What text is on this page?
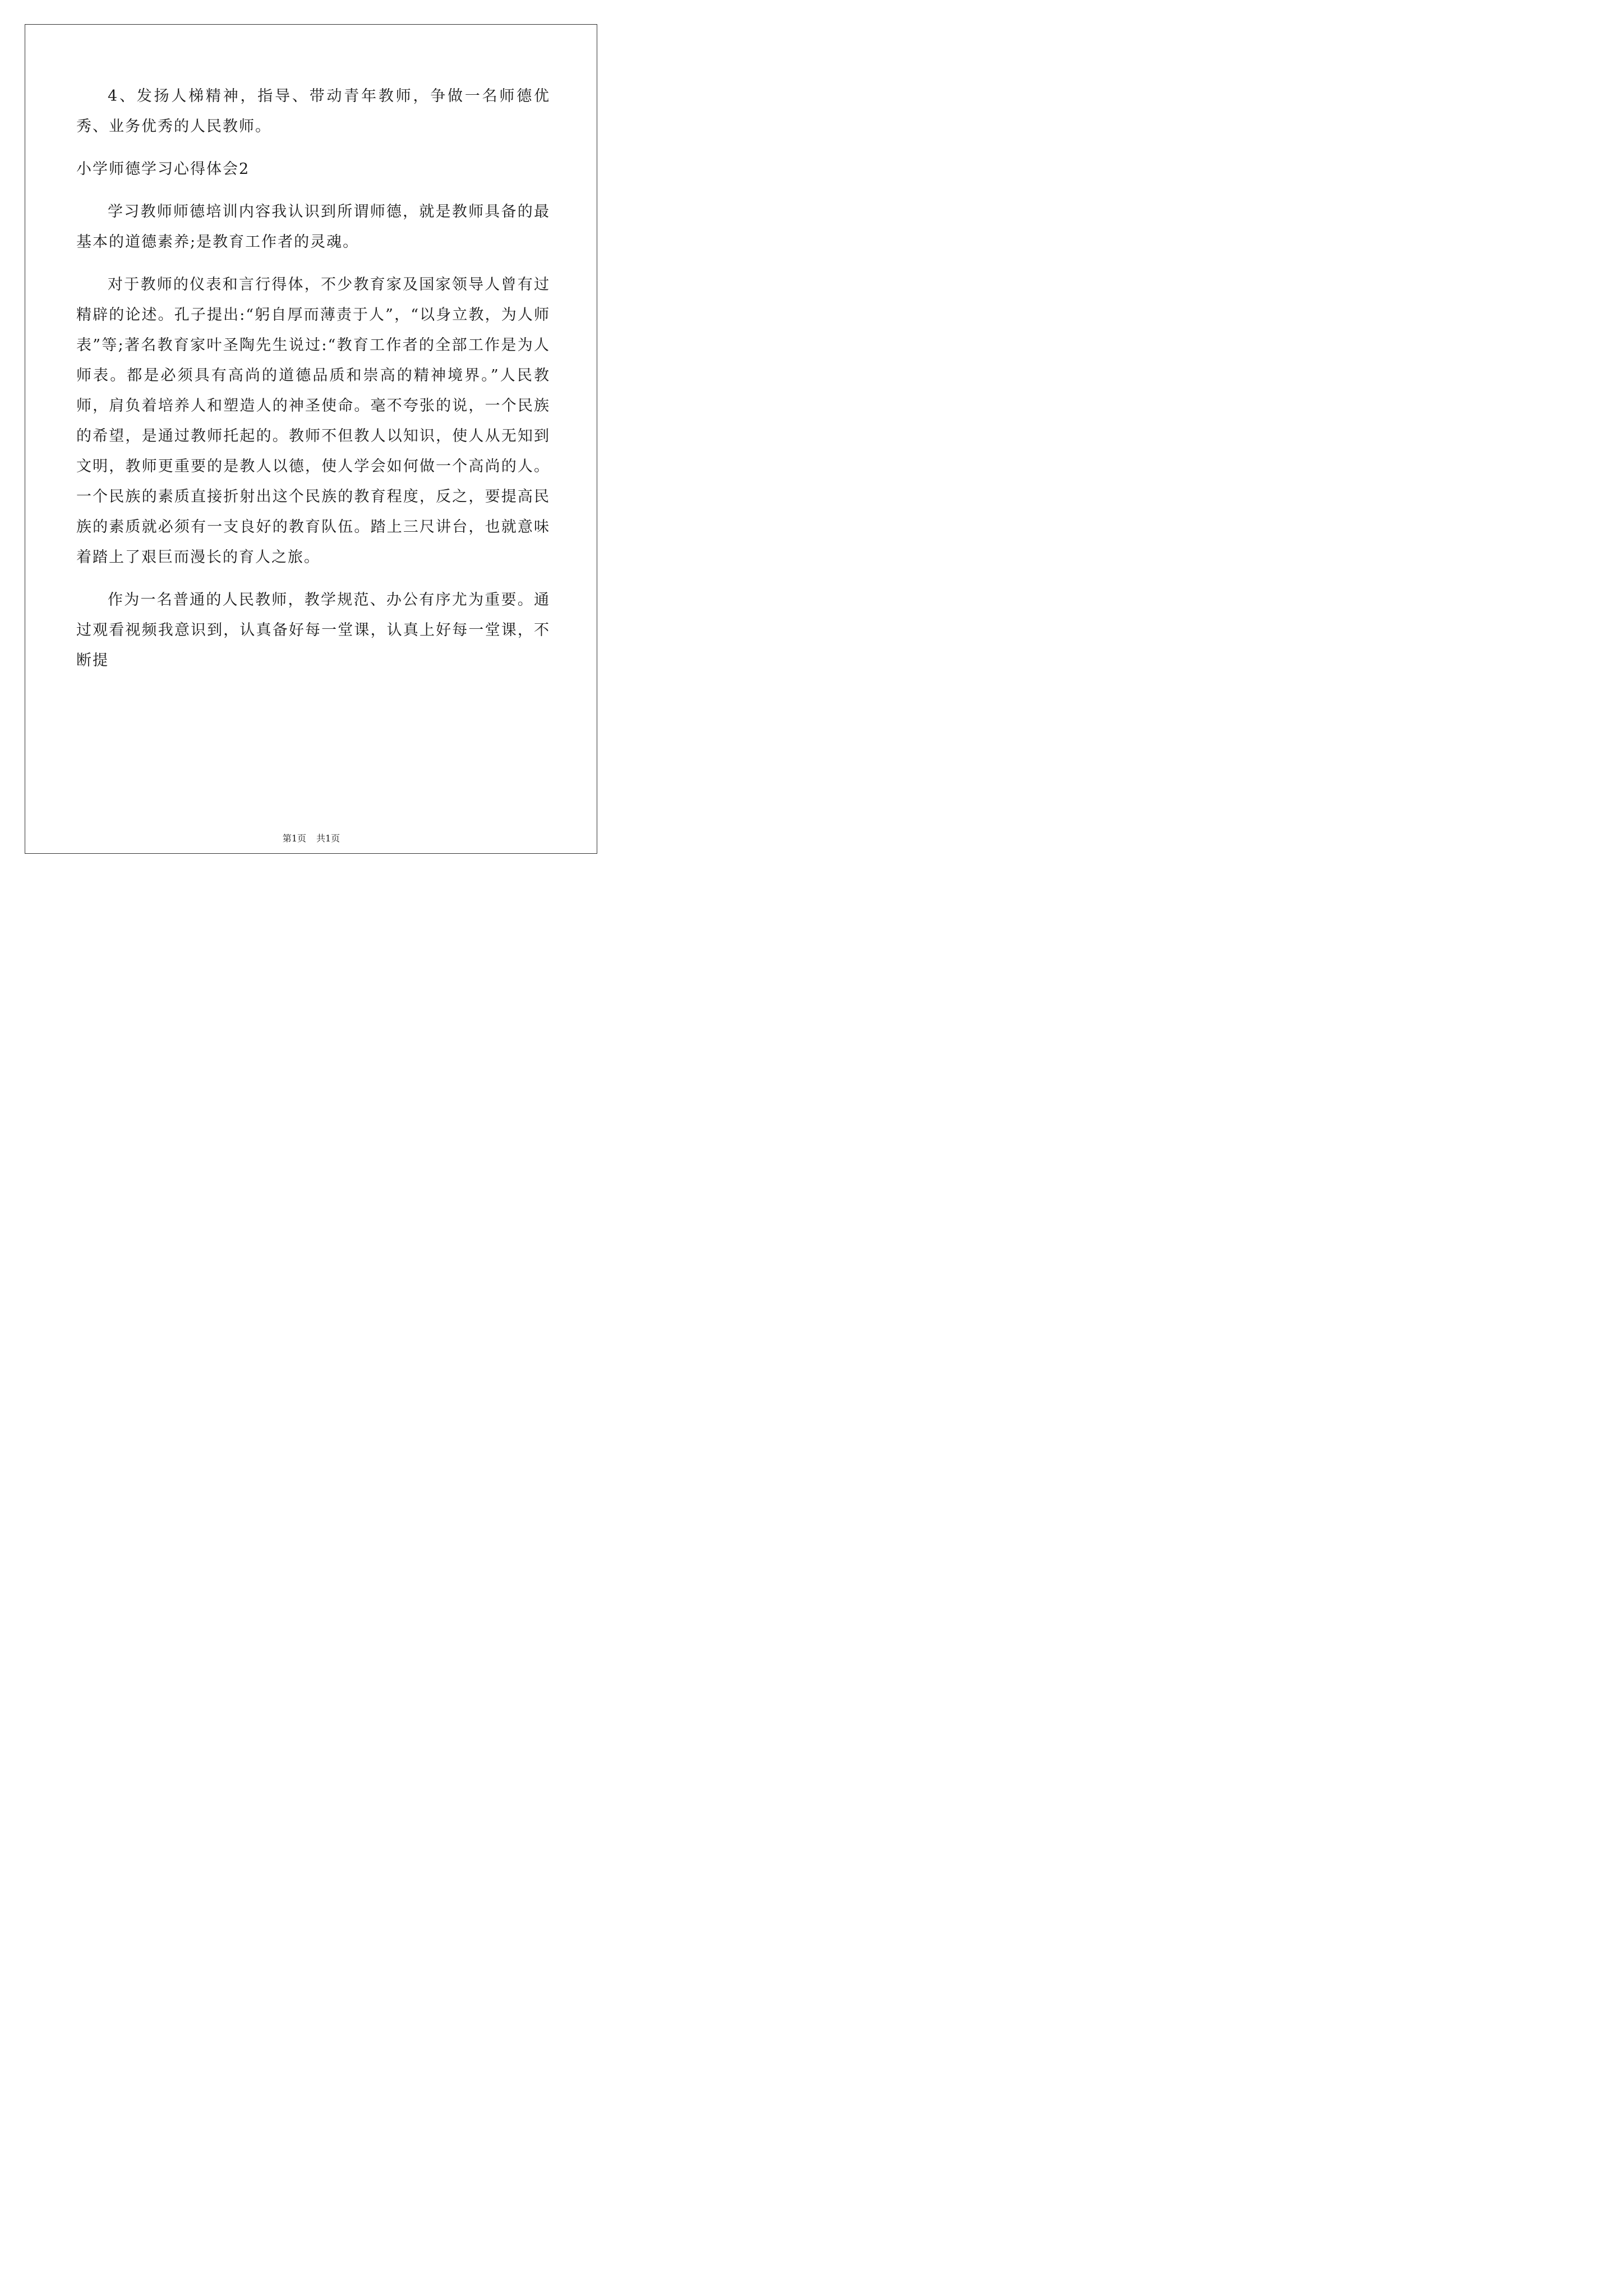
4、发扬人梯精神，指导、带动青年教师，争做一名师德优秀、业务优秀的人民教师。

小学师德学习心得体会2

学习教师师德培训内容我认识到所谓师德，就是教师具备的最基本的道德素养;是教育工作者的灵魂。

对于教师的仪表和言行得体，不少教育家及国家领导人曾有过精辟的论述。孔子提出:“躬自厚而薄责于人”，“以身立教，为人师表”等;著名教育家叶圣陶先生说过:“教育工作者的全部工作是为人师表。都是必须具有高尚的道德品质和崇高的精神境界。”人民教师，肩负着培养人和塑造人的神圣使命。毫不夸张的说，一个民族的希望，是通过教师托起的。教师不但教人以知识，使人从无知到文明，教师更重要的是教人以德，使人学会如何做一个高尚的人。一个民族的素质直接折射出这个民族的教育程度，反之，要提高民族的素质就必须有一支良好的教育队伍。踏上三尺讲台，也就意味着踏上了艰巨而漫长的育人之旅。

作为一名普通的人民教师，教学规范、办公有序尤为重要。通过观看视频我意识到，认真备好每一堂课，认真上好每一堂课，不断提

第1页 共1页
